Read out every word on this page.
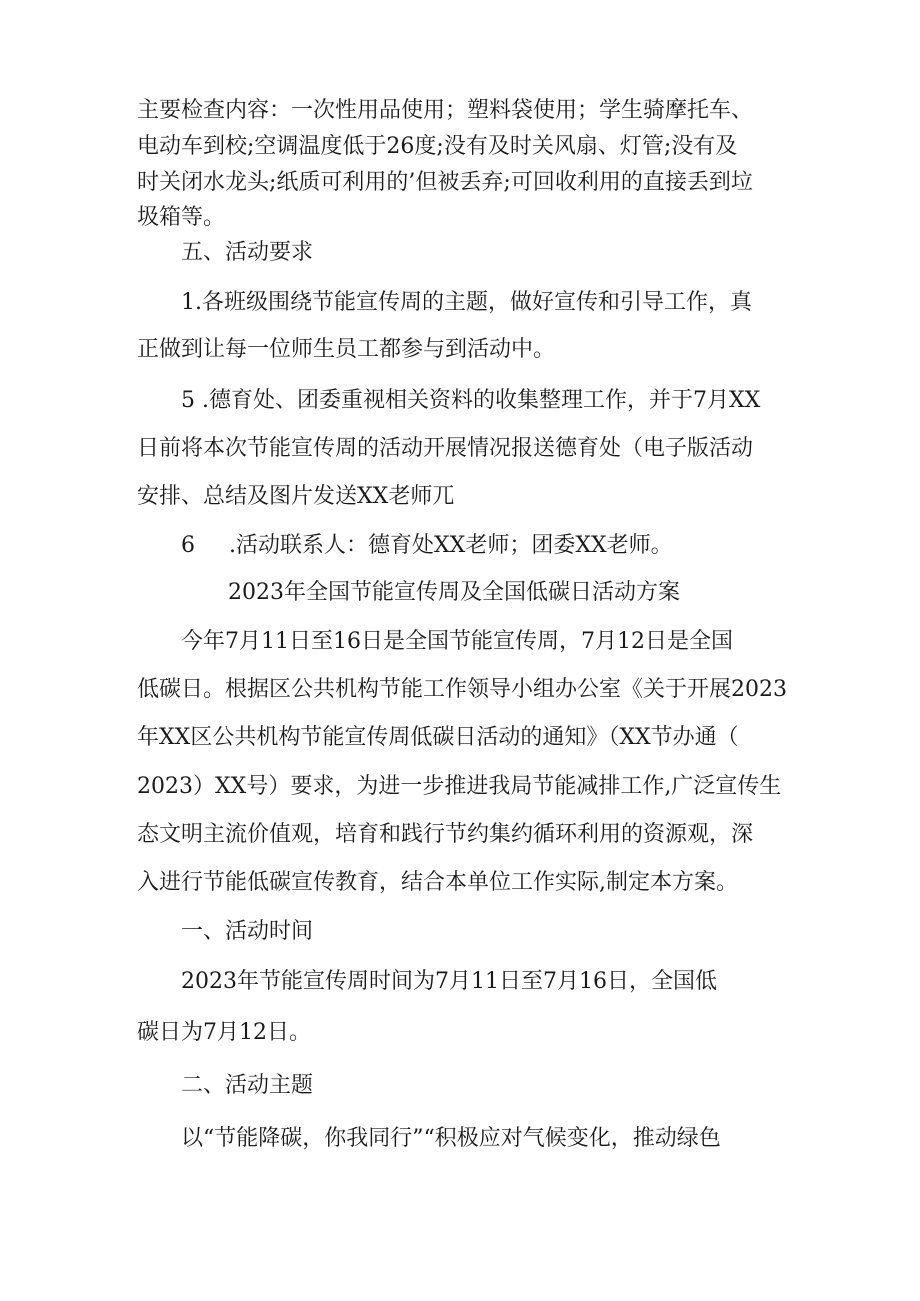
主要检查内容：一次性用品使用；塑料袋使用；学生骑摩托车、
电动车到校;空调温度低于26度;没有及时关风扇、灯管;没有及
时关闭水龙头;纸质可利用的’但被丢弃;可回收利用的直接丢到垃
圾箱等。
五、活动要求
1.各班级围绕节能宣传周的主题，做好宣传和引导工作，真
正做到让每一位师生员工都参与到活动中。
5 .德育处、团委重视相关资料的收集整理工作，并于7月XX
日前将本次节能宣传周的活动开展情况报送德育处（电子版活动
安排、总结及图片发送XX老师兀
6 .活动联系人：德育处XX老师；团委XX老师。
2023年全国节能宣传周及全国低碳日活动方案
今年7月11日至16日是全国节能宣传周，7月12日是全国
低碳日。根据区公共机构节能工作领导小组办公室《关于开展2023
年XX区公共机构节能宣传周低碳日活动的通知》（XX节办通（
2023）XX号）要求，为进一步推进我局节能减排工作,广泛宣传生
态文明主流价值观，培育和践行节约集约循环利用的资源观，深
入进行节能低碳宣传教育，结合本单位工作实际,制定本方案。
一、活动时间
2023年节能宣传周时间为7月11日至7月16日，全国低
碳日为7月12日。
二、活动主题
以“节能降碳，你我同行”“积极应对气候变化，推动绿色
